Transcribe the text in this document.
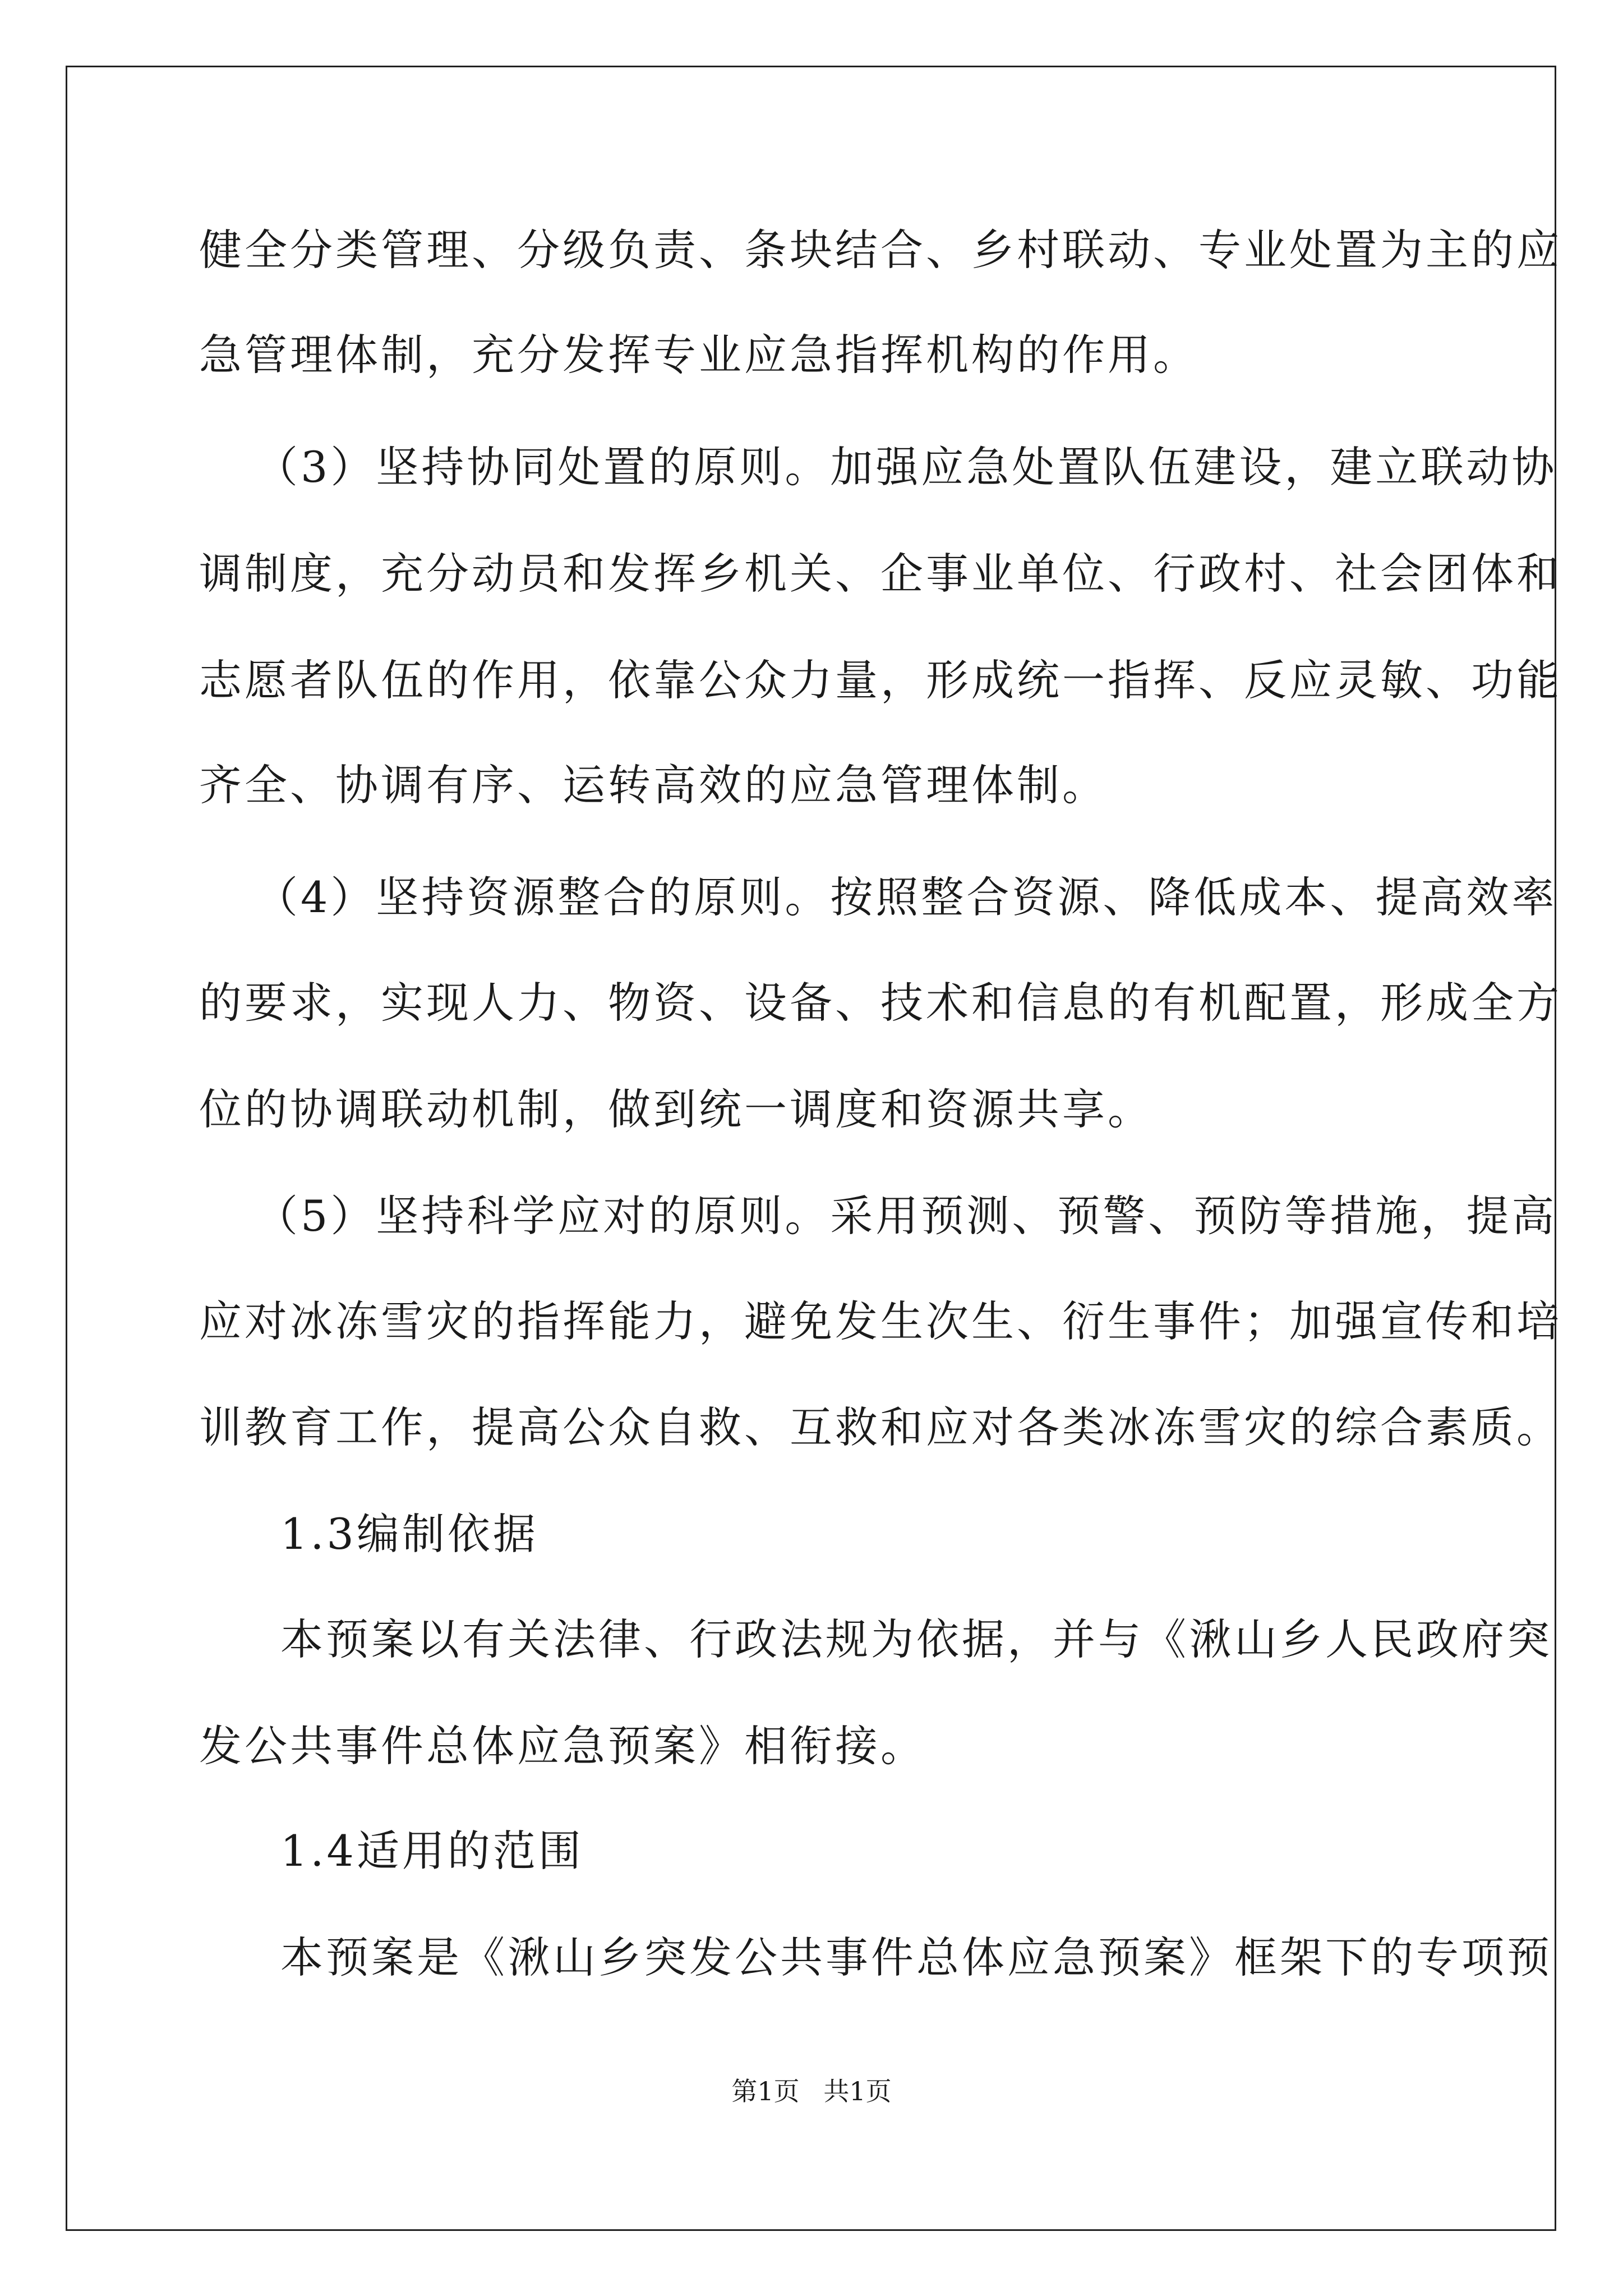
健全分类管理、分级负责、条块结合、乡村联动、专业处置为主的应
急管理体制，充分发挥专业应急指挥机构的作用。
（3）坚持协同处置的原则。加强应急处置队伍建设，建立联动协
调制度，充分动员和发挥乡机关、企事业单位、行政村、社会团体和
志愿者队伍的作用，依靠公众力量，形成统一指挥、反应灵敏、功能
齐全、协调有序、运转高效的应急管理体制。
（4）坚持资源整合的原则。按照整合资源、降低成本、提高效率
的要求，实现人力、物资、设备、技术和信息的有机配置，形成全方
位的协调联动机制，做到统一调度和资源共享。
（5）坚持科学应对的原则。采用预测、预警、预防等措施，提高
应对冰冻雪灾的指挥能力，避免发生次生、衍生事件；加强宣传和培
训教育工作，提高公众自救、互救和应对各类冰冻雪灾的综合素质。
1.3编制依据
本预案以有关法律、行政法规为依据，并与《湫山乡人民政府突
发公共事件总体应急预案》相衔接。
1.4适用的范围
本预案是《湫山乡突发公共事件总体应急预案》框架下的专项预
第1页 共1页
